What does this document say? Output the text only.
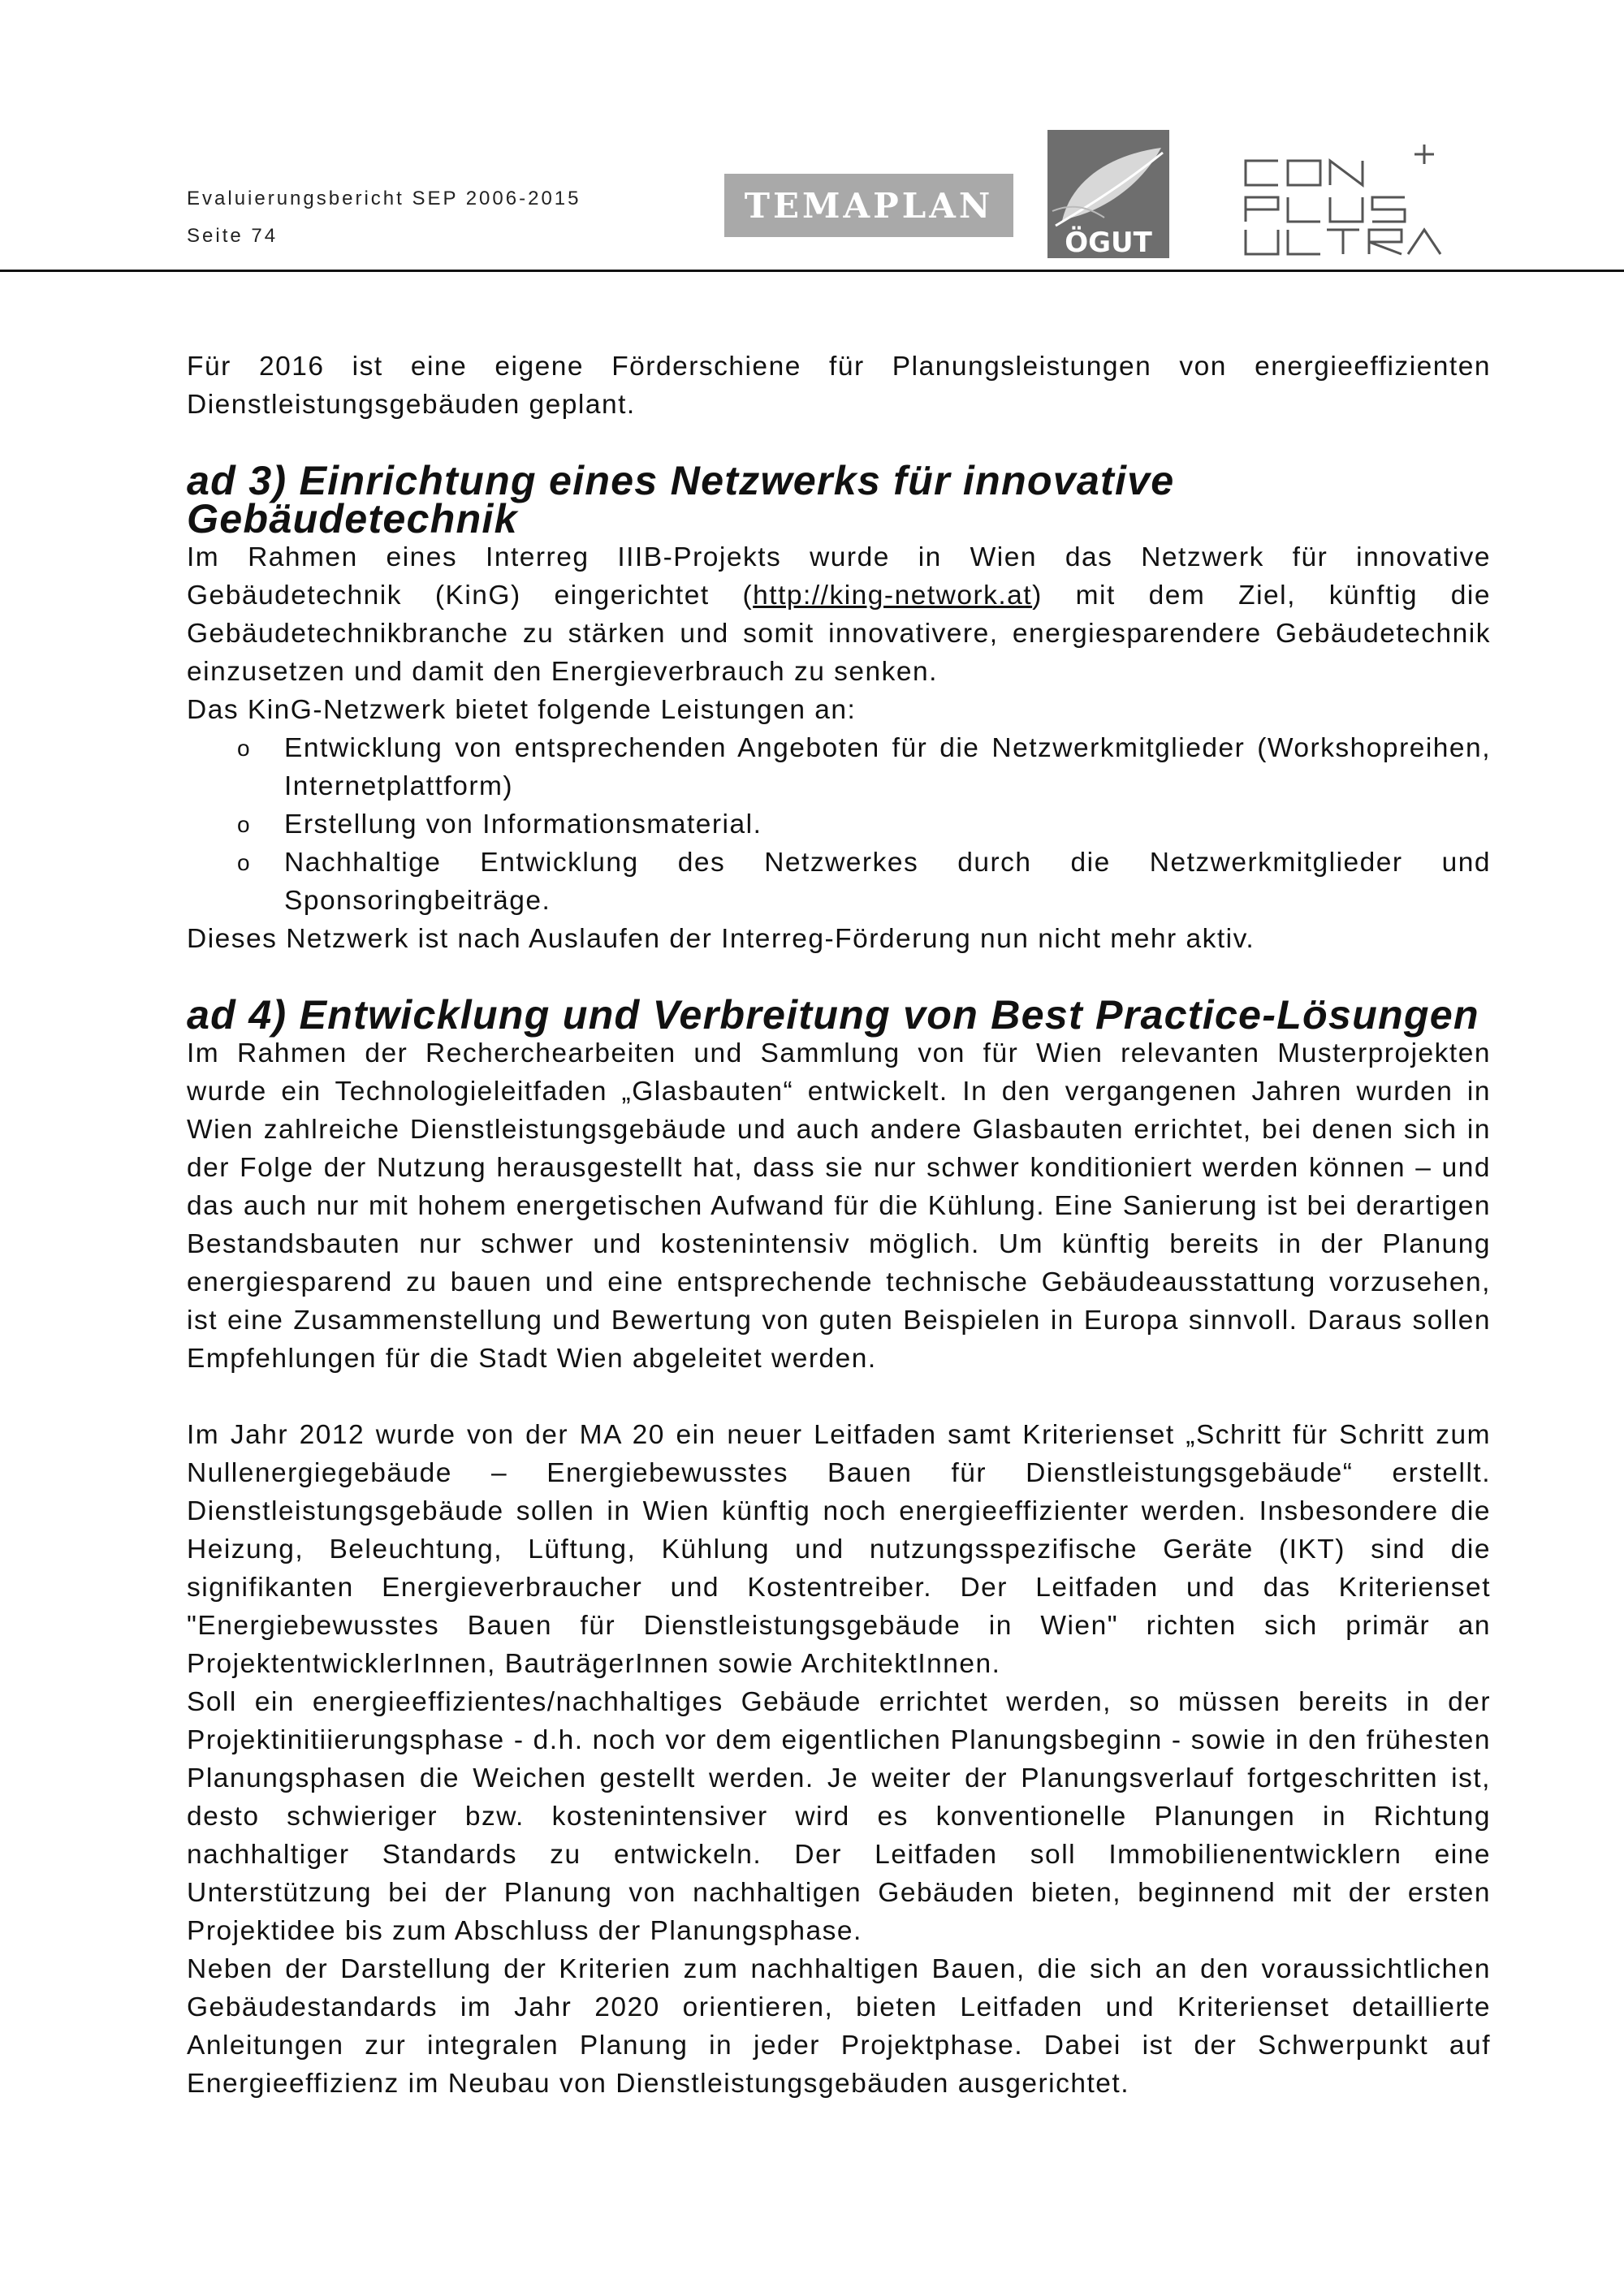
Evaluierungsbericht SEP 2006-2015
Seite 74
TEMAPLAN
ÖGUT

Für 2016 ist eine eigene Förderschiene für Planungsleistungen von energieeffizienten Dienstleistungsgebäuden geplant.

ad 3) Einrichtung eines Netzwerks für innovative Gebäudetechnik

Im Rahmen eines Interreg IIIB-Projekts wurde in Wien das Netzwerk für innovative Gebäudetechnik (KinG) eingerichtet (http://king-network.at) mit dem Ziel, künftig die Gebäudetechnikbranche zu stärken und somit innovativere, energiesparendere Gebäudetechnik einzusetzen und damit den Energieverbrauch zu senken.

Das KinG-Netzwerk bietet folgende Leistungen an:

o Entwicklung von entsprechenden Angeboten für die Netzwerkmitglieder (Workshopreihen, Internetplattform)
o Erstellung von Informationsmaterial.
o Nachhaltige Entwicklung des Netzwerkes durch die Netzwerkmitglieder und Sponsoringbeiträge.

Dieses Netzwerk ist nach Auslaufen der Interreg-Förderung nun nicht mehr aktiv.

ad 4) Entwicklung und Verbreitung von Best Practice-Lösungen

Im Rahmen der Recherchearbeiten und Sammlung von für Wien relevanten Musterprojekten wurde ein Technologieleitfaden „Glasbauten“ entwickelt. In den vergangenen Jahren wurden in Wien zahlreiche Dienstleistungsgebäude und auch andere Glasbauten errichtet, bei denen sich in der Folge der Nutzung herausgestellt hat, dass sie nur schwer konditioniert werden können – und das auch nur mit hohem energetischen Aufwand für die Kühlung. Eine Sanierung ist bei derartigen Bestandsbauten nur schwer und kostenintensiv möglich. Um künftig bereits in der Planung energiesparend zu bauen und eine entsprechende technische Gebäudeausstattung vorzusehen, ist eine Zusammenstellung und Bewertung von guten Beispielen in Europa sinnvoll. Daraus sollen Empfehlungen für die Stadt Wien abgeleitet werden.

Im Jahr 2012 wurde von der MA 20 ein neuer Leitfaden samt Kriterienset „Schritt für Schritt zum Nullenergiegebäude – Energiebewusstes Bauen für Dienstleistungsgebäude“ erstellt. Dienstleistungsgebäude sollen in Wien künftig noch energieeffizienter werden. Insbesondere die Heizung, Beleuchtung, Lüftung, Kühlung und nutzungsspezifische Geräte (IKT) sind die signifikanten Energieverbraucher und Kostentreiber. Der Leitfaden und das Kriterienset "Energiebewusstes Bauen für Dienstleistungsgebäude in Wien" richten sich primär an ProjektentwicklerInnen, BauträgerInnen sowie ArchitektInnen.

Soll ein energieeffizientes/nachhaltiges Gebäude errichtet werden, so müssen bereits in der Projektinitiierungsphase - d.h. noch vor dem eigentlichen Planungsbeginn - sowie in den frühesten Planungsphasen die Weichen gestellt werden. Je weiter der Planungsverlauf fortgeschritten ist, desto schwieriger bzw. kostenintensiver wird es konventionelle Planungen in Richtung nachhaltiger Standards zu entwickeln. Der Leitfaden soll Immobilienentwicklern eine Unterstützung bei der Planung von nachhaltigen Gebäuden bieten, beginnend mit der ersten Projektidee bis zum Abschluss der Planungsphase.

Neben der Darstellung der Kriterien zum nachhaltigen Bauen, die sich an den voraussichtlichen Gebäudestandards im Jahr 2020 orientieren, bieten Leitfaden und Kriterienset detaillierte Anleitungen zur integralen Planung in jeder Projektphase. Dabei ist der Schwerpunkt auf Energieeffizienz im Neubau von Dienstleistungsgebäuden ausgerichtet.
